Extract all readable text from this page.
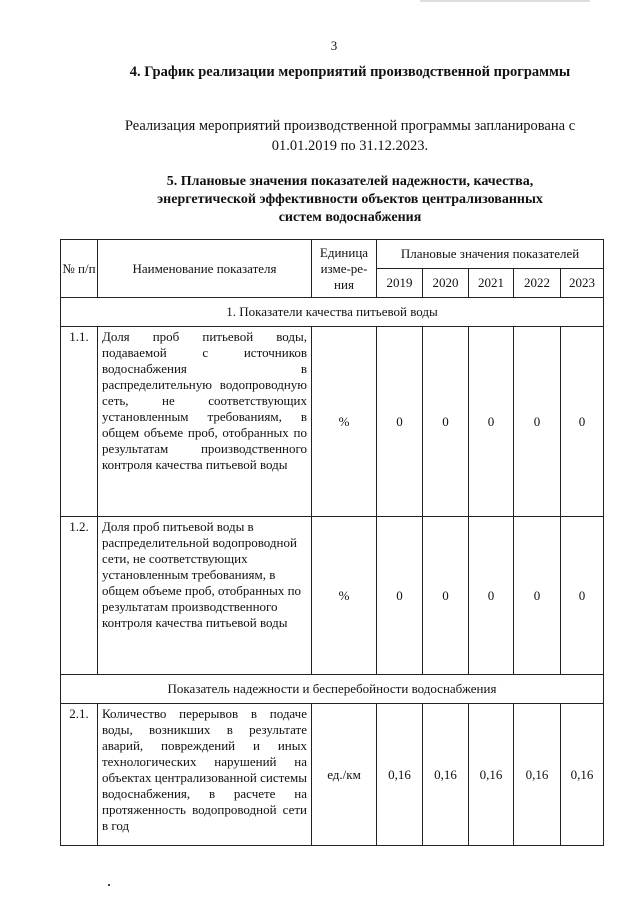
3
4. График реализации мероприятий производственной программы
Реализация мероприятий производственной программы запланирована с 01.01.2019 по 31.12.2023.
5. Плановые значения показателей надежности, качества,
энергетической эффективности объектов централизованных
систем водоснабжения
№ п/п	Наименование показателя	Единица изме-ре-ния	Плановые значения показателей				
			2019	2020	2021	2022	2023
1. Показатели качества питьевой воды							
1.1.	Доля проб питьевой воды, подаваемой с источников водоснабжения в распределительную водопроводную сеть, не соответствующих установленным требованиям, в общем объеме проб, отобранных по результатам производственного контроля качества питьевой воды	%	0	0	0	0	0
1.2.	Доля проб питьевой воды в распределительной водопроводной сети, не соответствующих установленным требованиям, в общем объеме проб, отобранных по результатам производственного контроля качества питьевой воды	%	0	0	0	0	0
Показатель надежности и бесперебойности водоснабжения							
2.1.	Количество перерывов в подаче воды, возникших в результате аварий, повреждений и иных технологических нарушений на объектах централизованной системы водоснабжения, в расчете на протяженность водопроводной сети в год	ед./км	0,16	0,16	0,16	0,16	0,16
